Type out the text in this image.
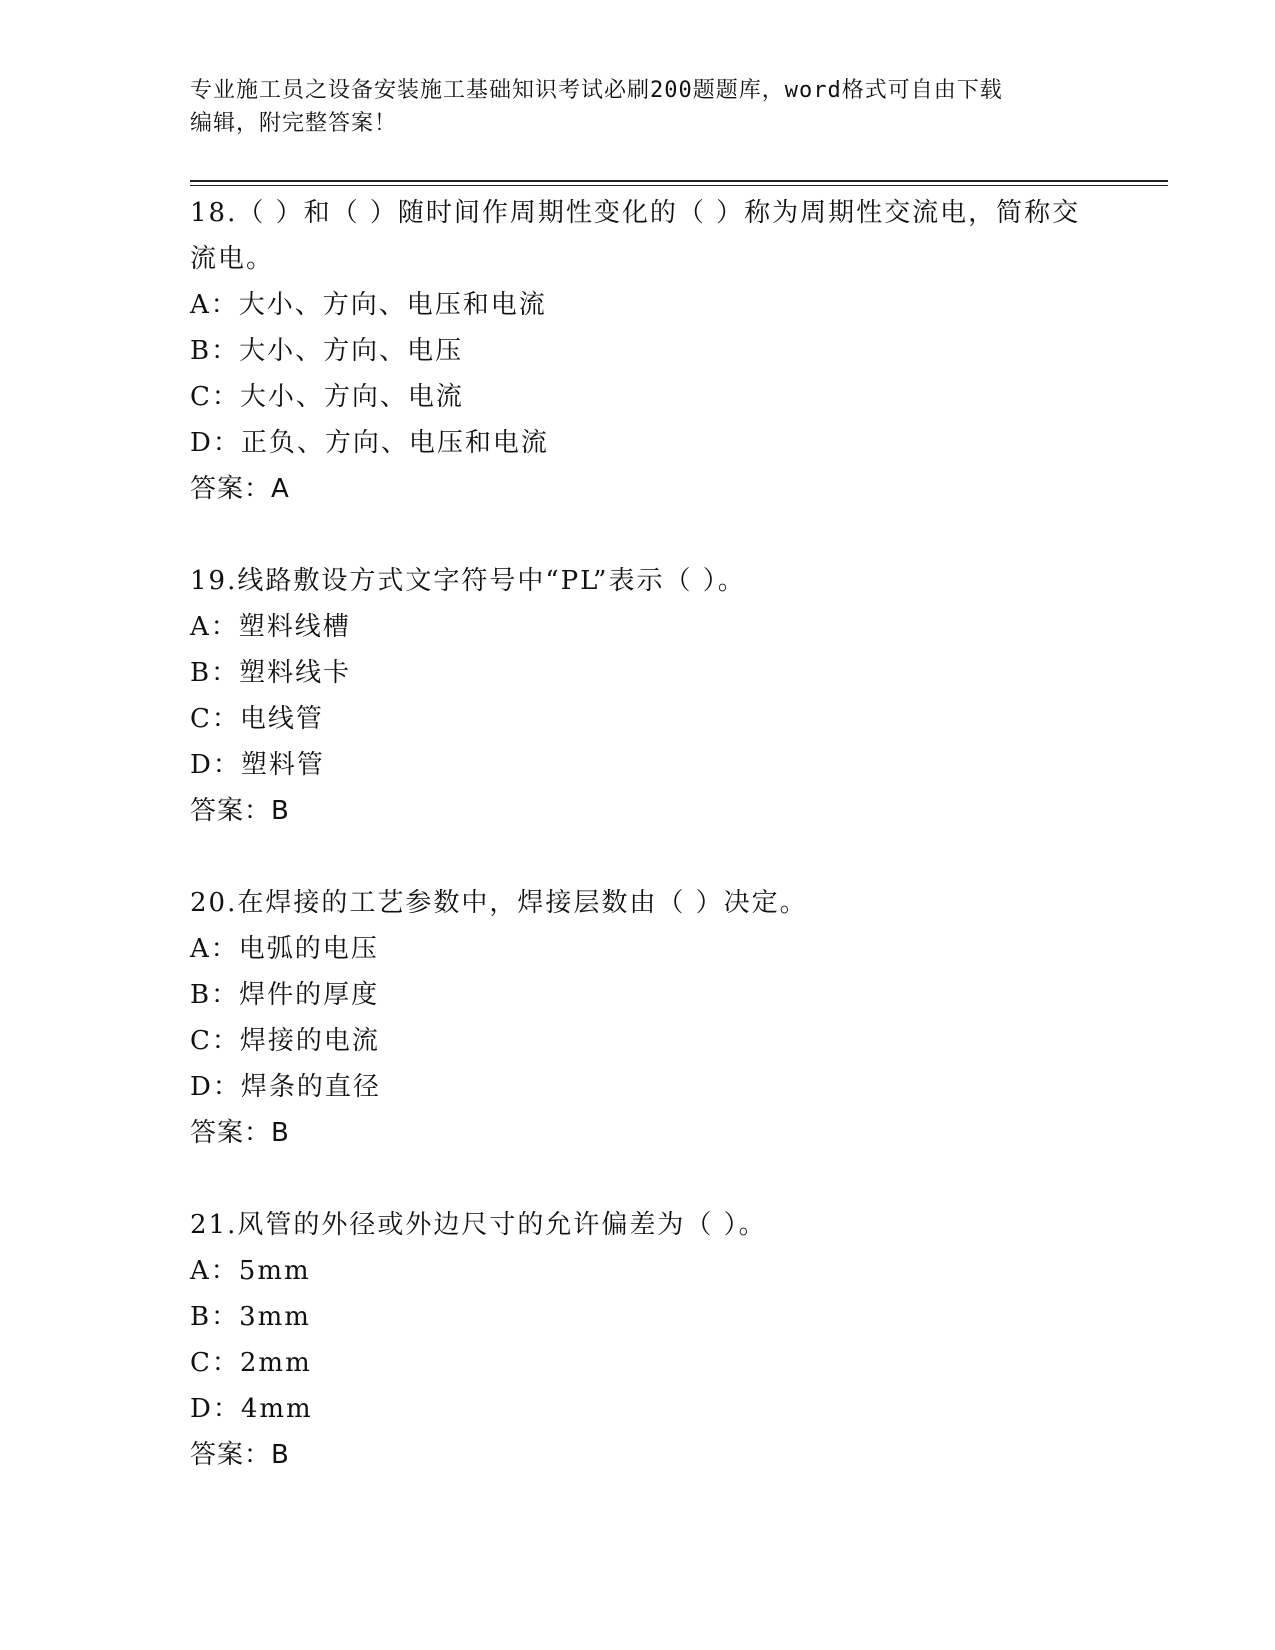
专业施工员之设备安装施工基础知识考试必刷200题题库，word格式可自由下载
编辑，附完整答案！
18.（ ）和（ ）随时间作周期性变化的（ ）称为周期性交流电，简称交流电。
A：大小、方向、电压和电流
B：大小、方向、电压
C：大小、方向、电流
D：正负、方向、电压和电流
答案：A
19.线路敷设方式文字符号中“PL”表示（ ）。
A：塑料线槽
B：塑料线卡
C：电线管
D：塑料管
答案：B
20.在焊接的工艺参数中，焊接层数由（ ）决定。
A：电弧的电压
B：焊件的厚度
C：焊接的电流
D：焊条的直径
答案：B
21.风管的外径或外边尺寸的允许偏差为（ ）。
A：5mm
B：3mm
C：2mm
D：4mm
答案：B
